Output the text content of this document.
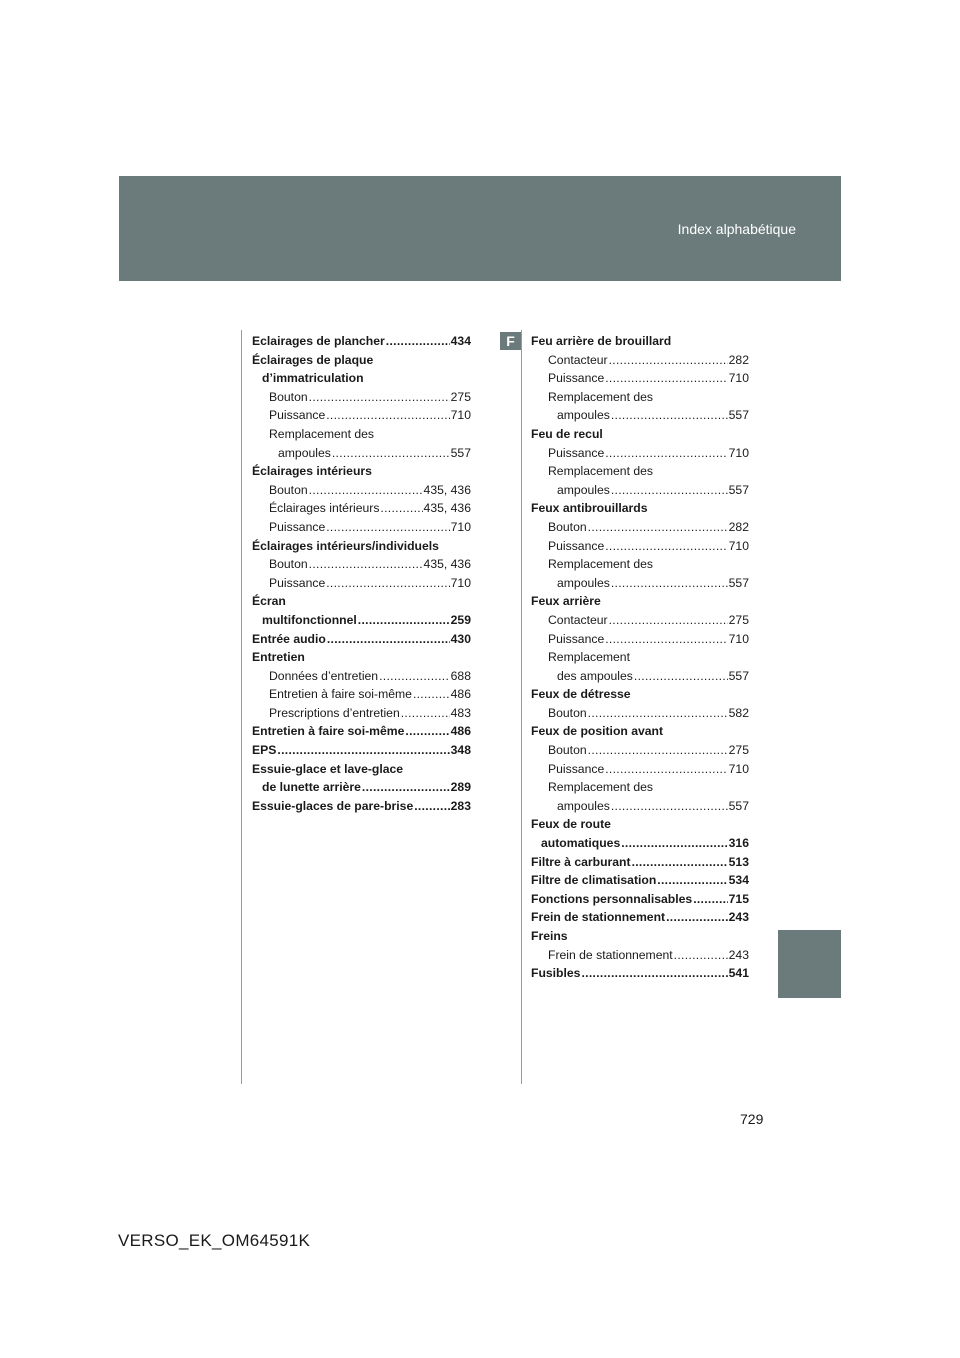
Index alphabétique
F
Eclairages de plancher .....	434
Éclairages de plaque
d’immatriculation
Bouton .....	275
Puissance .....	710
Remplacement des
ampoules .....	557
Éclairages intérieurs
Bouton .....	435, 436
Éclairages intérieurs .....	435, 436
Puissance .....	710
Éclairages intérieurs/individuels
Bouton .....	435, 436
Puissance .....	710
Écran
multifonctionnel .....	259
Entrée audio .....	430
Entretien
Données d’entretien .....	688
Entretien à faire soi-même .....	486
Prescriptions d’entretien .....	483
Entretien à faire soi-même .....	486
EPS .....	348
Essuie-glace et lave-glace
de lunette arrière .....	289
Essuie-glaces de pare-brise .....	283
Feu arrière de brouillard
Contacteur .....	282
Puissance .....	710
Remplacement des
ampoules .....	557
Feu de recul
Puissance .....	710
Remplacement des
ampoules .....	557
Feux antibrouillards
Bouton .....	282
Puissance .....	710
Remplacement des
ampoules .....	557
Feux arrière
Contacteur .....	275
Puissance .....	710
Remplacement
des ampoules .....	557
Feux de détresse
Bouton .....	582
Feux de position avant
Bouton .....	275
Puissance .....	710
Remplacement des
ampoules .....	557
Feux de route
automatiques .....	316
Filtre à carburant .....	513
Filtre de climatisation .....	534
Fonctions personnalisables .....	715
Frein de stationnement .....	243
Freins
Frein de stationnement .....	243
Fusibles .....	541
729
VERSO_EK_OM64591K
